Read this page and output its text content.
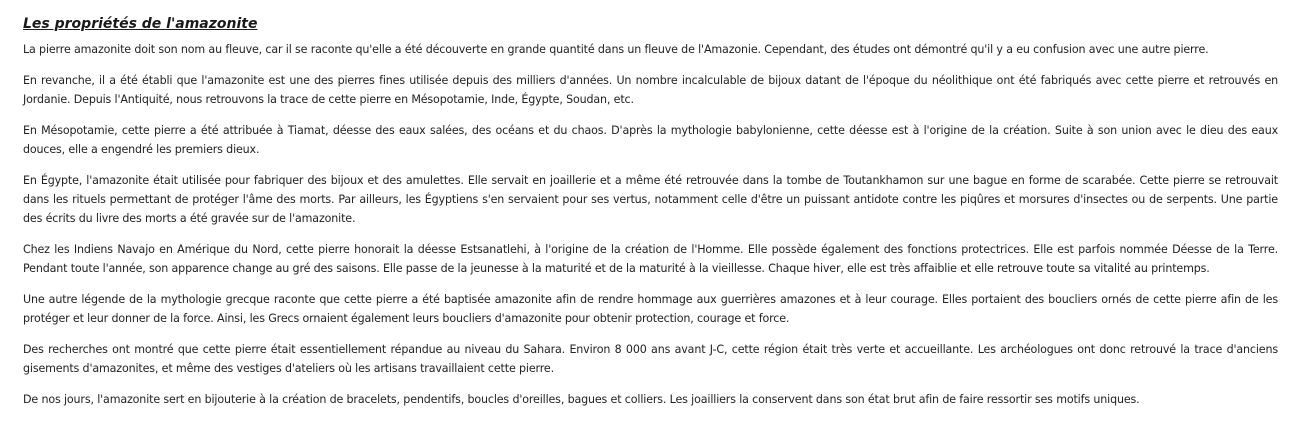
Les propriétés de l'amazonite

La pierre amazonite doit son nom au fleuve, car il se raconte qu'elle a été découverte en grande quantité dans un fleuve de l'Amazonie. Cependant, des études ont démontré qu'il y a eu confusion avec une autre pierre.

En revanche, il a été établi que l'amazonite est une des pierres fines utilisée depuis des milliers d'années. Un nombre incalculable de bijoux datant de l'époque du néolithique ont été fabriqués avec cette pierre et retrouvés en Jordanie. Depuis l'Antiquité, nous retrouvons la trace de cette pierre en Mésopotamie, Inde, Égypte, Soudan, etc.

En Mésopotamie, cette pierre a été attribuée à Tiamat, déesse des eaux salées, des océans et du chaos. D'après la mythologie babylonienne, cette déesse est à l'origine de la création. Suite à son union avec le dieu des eaux douces, elle a engendré les premiers dieux.

En Égypte, l'amazonite était utilisée pour fabriquer des bijoux et des amulettes. Elle servait en joaillerie et a même été retrouvée dans la tombe de Toutankhamon sur une bague en forme de scarabée. Cette pierre se retrouvait dans les rituels permettant de protéger l'âme des morts. Par ailleurs, les Égyptiens s'en servaient pour ses vertus, notamment celle d'être un puissant antidote contre les piqûres et morsures d'insectes ou de serpents. Une partie des écrits du livre des morts a été gravée sur de l'amazonite.

Chez les Indiens Navajo en Amérique du Nord, cette pierre honorait la déesse Estsanatlehi, à l'origine de la création de l'Homme. Elle possède également des fonctions protectrices. Elle est parfois nommée Déesse de la Terre. Pendant toute l'année, son apparence change au gré des saisons. Elle passe de la jeunesse à la maturité et de la maturité à la vieillesse. Chaque hiver, elle est très affaiblie et elle retrouve toute sa vitalité au printemps.

Une autre légende de la mythologie grecque raconte que cette pierre a été baptisée amazonite afin de rendre hommage aux guerrières amazones et à leur courage. Elles portaient des boucliers ornés de cette pierre afin de les protéger et leur donner de la force. Ainsi, les Grecs ornaient également leurs boucliers d'amazonite pour obtenir protection, courage et force.

Des recherches ont montré que cette pierre était essentiellement répandue au niveau du Sahara. Environ 8 000 ans avant J-C, cette région était très verte et accueillante. Les archéologues ont donc retrouvé la trace d'anciens gisements d'amazonites, et même des vestiges d'ateliers où les artisans travaillaient cette pierre.

De nos jours, l'amazonite sert en bijouterie à la création de bracelets, pendentifs, boucles d'oreilles, bagues et colliers. Les joailliers la conservent dans son état brut afin de faire ressortir ses motifs uniques.
